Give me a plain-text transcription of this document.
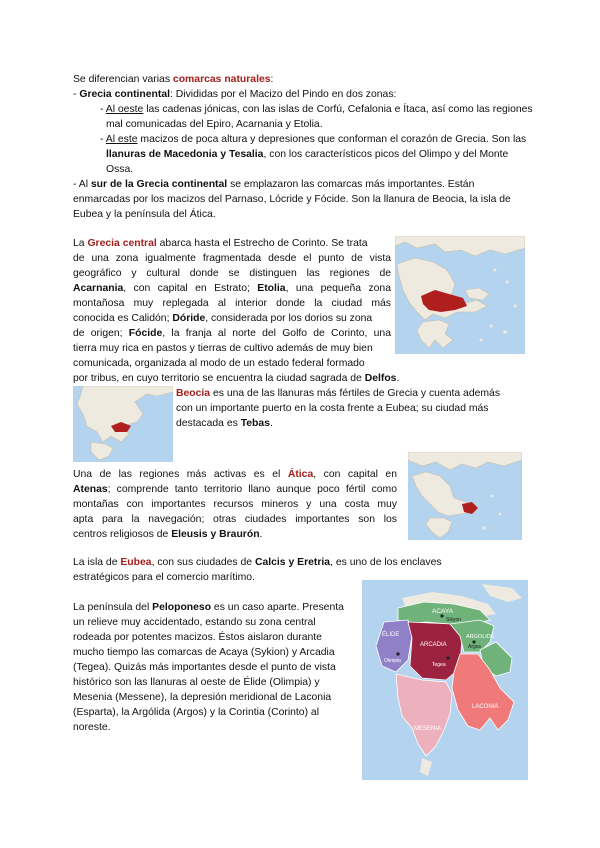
Se diferencian varias comarcas naturales:
- Grecia continental: Divididas por el Macizo del Pindo en dos zonas:
- Al oeste las cadenas jónicas, con las islas de Corfú, Cefalonia e Ítaca, así como las regiones mal comunicadas del Epiro, Acarnania y Etolia.
- Al este macizos de poca altura y depresiones que conforman el corazón de Grecia. Son las llanuras de Macedonia y Tesalia, con los característicos picos del Olimpo y del Monte Ossa.
- Al sur de la Grecia continental se emplazaron las comarcas más importantes. Están enmarcadas por los macizos del Parnaso, Lócride y Fócide. Son la llanura de Beocia, la isla de Eubea y la península del Ática.
La Grecia central abarca hasta el Estrecho de Corinto. Se trata
de una zona igualmente fragmentada desde el punto de vista
geográfico y cultural donde se distinguen las regiones de
Acarnania, con capital en Estrato; Etolia, una pequeña zona
montañosa muy replegada al interior donde la ciudad más
conocida es Calidón; Dóride, considerada por los dorios su zona
de origen; Fócide, la franja al norte del Golfo de Corinto, una
tierra muy rica en pastos y tierras de cultivo además de muy bien
comunicada, organizada al modo de un estado federal formado
por tribus, en cuyo territorio se encuentra la ciudad sagrada de Delfos.
Beocia es una de las llanuras más fértiles de Grecia y cuenta además
con un importante puerto en la costa frente a Eubea; su ciudad más
destacada es Tebas.
Una de las regiones más activas es el Ática, con capital en
Atenas; comprende tanto territorio llano aunque poco fértil como
montañas con importantes recursos mineros y una costa muy
apta para la navegación; otras ciudades importantes son los
centros religiosos de Eleusis y Braurón.
La isla de Eubea, con sus ciudades de Calcis y Eretria, es uno de los enclaves
estratégicos para el comercio marítimo.
La península del Peloponeso es un caso aparte. Presenta
un relieve muy accidentado, estando su zona central
rodeada por potentes macizos. Éstos aislaron durante
mucho tiempo las comarcas de Acaya (Sykion) y Arcadia
(Tegea). Quizás más importantes desde el punto de vista
histórico son las llanuras al oeste de Élide (Olimpia) y
Mesenia (Messene), la depresión meridional de Laconia
(Esparta), la Argólida (Argos) y la Corintia (Corinto) al
noreste.
ACAYA
ÉLIDE
ARCADIA
ARGOLIDE
LACONIA
MESENIA
Sikyon
Tegea
Olimpia
Argos
